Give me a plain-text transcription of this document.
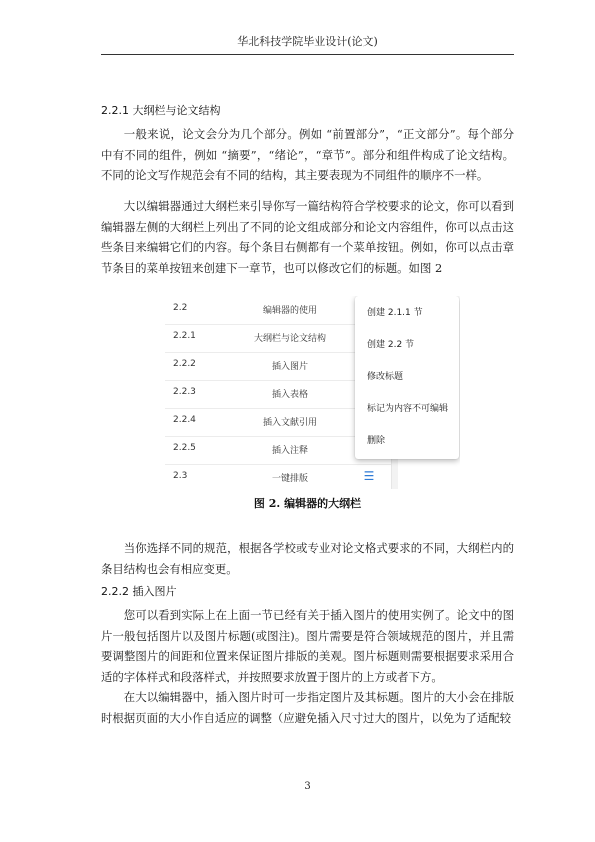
华北科技学院毕业设计(论文)
2.2.1 大纲栏与论文结构

一般来说，论文会分为几个部分。例如 “前置部分”，“正文部分”。每个部分中有不同的组件，例如 “摘要”，“绪论”，“章节”。部分和组件构成了论文结构。不同的论文写作规范会有不同的结构，其主要表现为不同组件的顺序不一样。

大以编辑器通过大纲栏来引导你写一篇结构符合学校要求的论文，你可以看到编辑器左侧的大纲栏上列出了不同的论文组成部分和论文内容组件，你可以点击这些条目来编辑它们的内容。每个条目右侧都有一个菜单按钮。例如，你可以点击章节条目的菜单按钮来创建下一章节，也可以修改它们的标题。如图 2

2.2	编辑器的使用
2.2.1	大纲栏与论文结构
2.2.2	插入图片
2.2.3	插入表格
2.2.4	插入文献引用
2.2.5	插入注释
2.3	一键排版	☰
创建 2.1.1 节
创建 2.2 节
修改标题
标记为内容不可编辑
删除
图 2. 编辑器的大纲栏

当你选择不同的规范，根据各学校或专业对论文格式要求的不同，大纲栏内的条目结构也会有相应变更。

2.2.2 插入图片

您可以看到实际上在上面一节已经有关于插入图片的使用实例了。论文中的图片一般包括图片以及图片标题(或图注)。图片需要是符合领域规范的图片，并且需要调整图片的间距和位置来保证图片排版的美观。图片标题则需要根据要求采用合适的字体样式和段落样式，并按照要求放置于图片的上方或者下方。

在大以编辑器中，插入图片时可一步指定图片及其标题。图片的大小会在排版时根据页面的大小作自适应的调整（应避免插入尺寸过大的图片，以免为了适配较

3
